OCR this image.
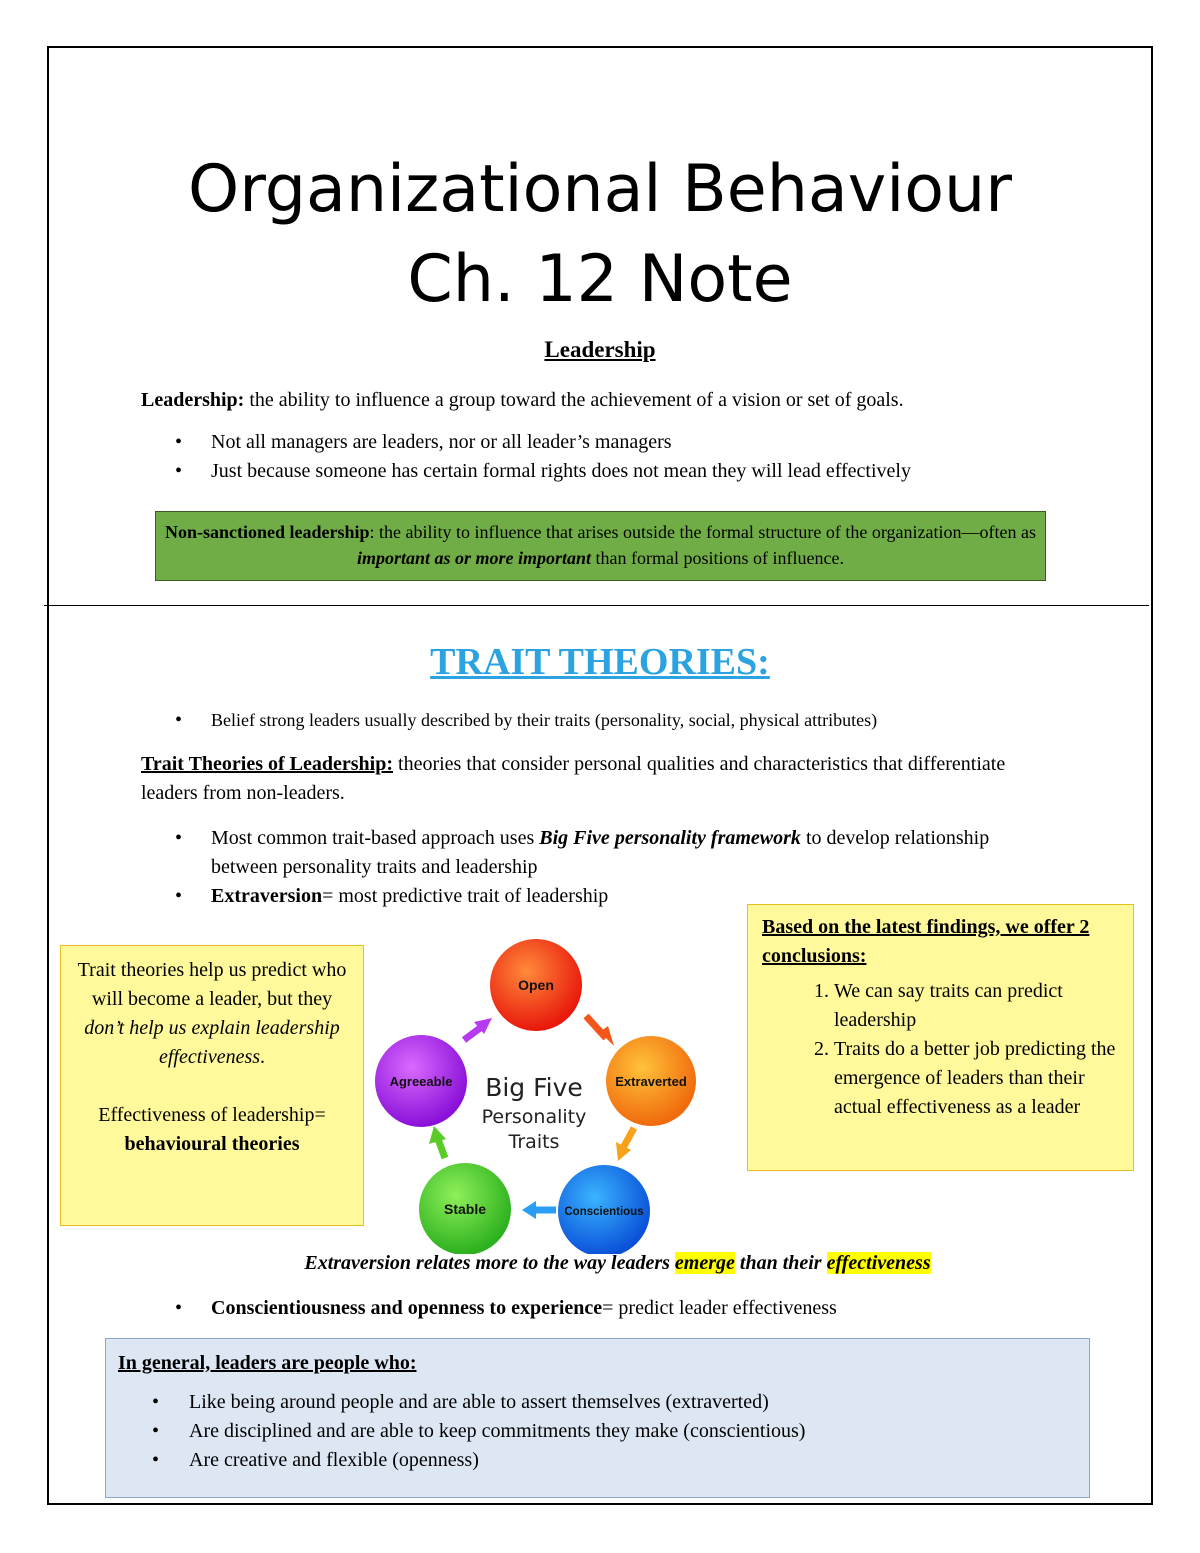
Organizational Behaviour
Ch. 12 Note
Leadership
Leadership: the ability to influence a group toward the achievement of a vision or set of goals.
• Not all managers are leaders, nor or all leader’s managers
• Just because someone has certain formal rights does not mean they will lead effectively
Non-sanctioned leadership: the ability to influence that arises outside the formal structure of the organization—often as important as or more important than formal positions of influence.
TRAIT THEORIES:
• Belief strong leaders usually described by their traits (personality, social, physical attributes)
Trait Theories of Leadership: theories that consider personal qualities and characteristics that differentiate leaders from non-leaders.
• Most common trait-based approach uses Big Five personality framework to develop relationship between personality traits and leadership
• Extraversion= most predictive trait of leadership
Trait theories help us predict who will become a leader, but they don’t help us explain leadership effectiveness.
Effectiveness of leadership=
behavioural theories
Open
Extraverted
Conscientious
Stable
Agreeable Big Five
Personality
Traits
Based on the latest findings, we offer 2 conclusions:
1. We can say traits can predict leadership
2. Traits do a better job predicting the emergence of leaders than their actual effectiveness as a leader
Extraversion relates more to the way leaders emerge than their effectiveness
• Conscientiousness and openness to experience= predict leader effectiveness
In general, leaders are people who:
• Like being around people and are able to assert themselves (extraverted)
• Are disciplined and are able to keep commitments they make (conscientious)
• Are creative and flexible (openness)
